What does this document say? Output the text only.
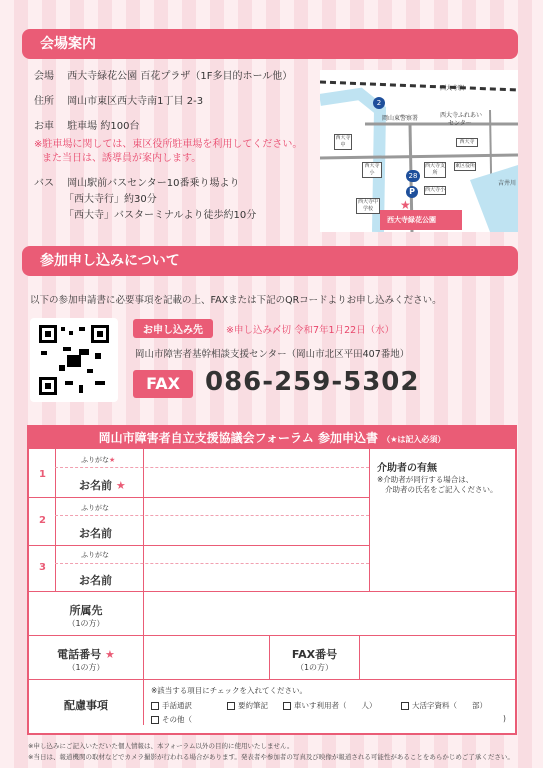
会場案内
会場 西大寺緑花公園 百花プラザ（1F多目的ホール他）
住所 岡山市東区西大寺南1丁目 2-3
お車 駐車場 約100台
※駐車場に関しては、東区役所駐車場を利用してください。
また当日は、誘導員が案内します。
バス 岡山駅前バスセンター10番乗り場より
「西大寺行」約30分
「西大寺」バスターミナルより徒歩約10分
西大寺駅
岡山東警察署	西大寺ふれあい
センター
西大寺緑花公園
吉井川
西大寺中
西大寺小
西大寺中学校
西大寺支所
東区役所
西大寺
西大寺小
2
28
P
★
参加申し込みについて
以下の参加申請書に必要事項を記載の上、FAXまたは下記のQRコードよりお申し込みください。
お申し込み先	※申し込み〆切 令和7年1月22日（水）
岡山市障害者基幹相談支援センター（岡山市北区平田407番地）
FAX 086-259-5302
岡山市障害者自立支援協議会フォーラム 参加申込書 （★は記入必須）
1
ふりがな★
お名前 ★
2
ふりがな
お名前
3
ふりがな
お名前
介助者の有無
※介助者が同行する場合は、
介助者の氏名をご記入ください。
所属先
（1の方）
電話番号 ★
（1の方）
FAX番号
（1の方）
配慮事項
※該当する項目にチェックを入れてください。
手話通訳	要約筆記	車いす利用者（　　人）	大活字資料（　　部）
その他（	)
※申し込みにご記入いただいた個人情報は、本フォーラム以外の目的に使用いたしません。
※当日は、報道機関の取材などでカメラ撮影が行われる場合があります。発表者や参加者の写真及び映像が報道される可能性があることをあらかじめご了承ください。
